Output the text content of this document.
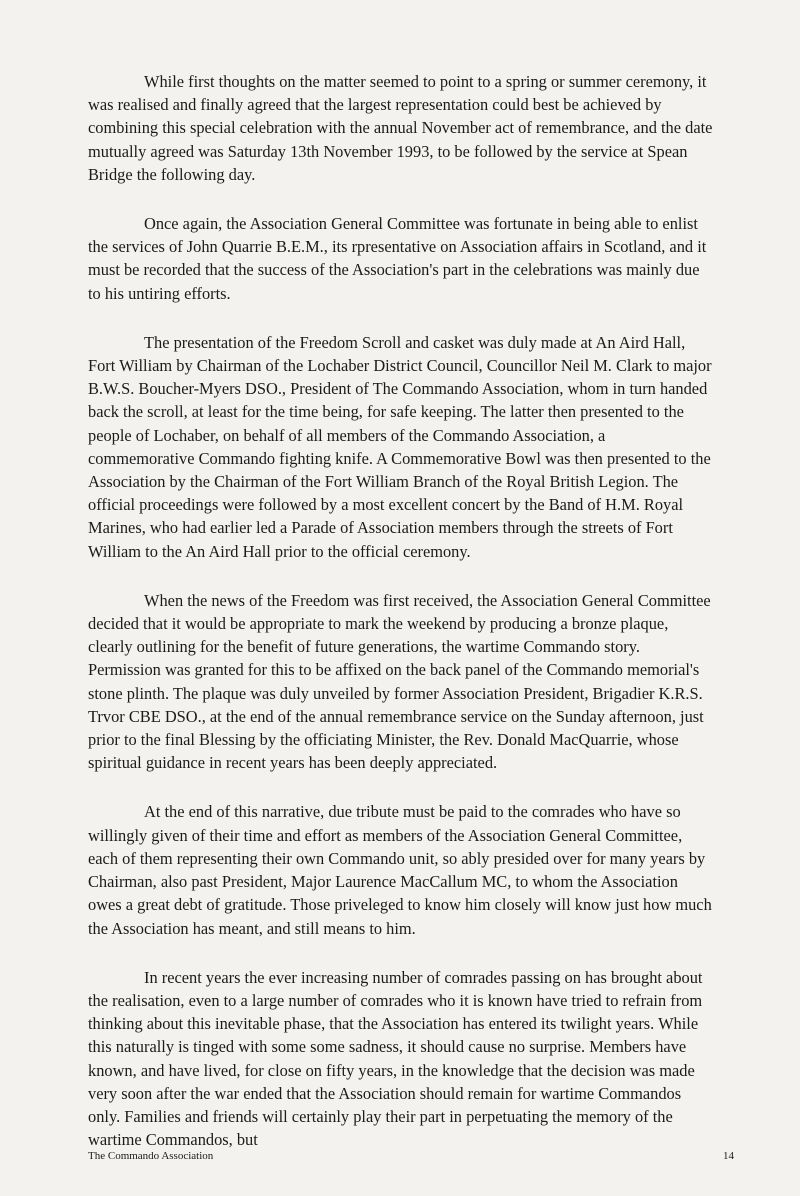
While first thoughts on the matter seemed to point to a spring or summer ceremony, it was realised and finally agreed that the largest representation could best be achieved by combining this special celebration with the annual November act of remembrance, and the date mutually agreed was Saturday 13th November 1993, to be followed by the service at Spean Bridge the following day.

Once again, the Association General Committee was fortunate in being able to enlist the services of John Quarrie B.E.M., its rpresentative on Association affairs in Scotland, and it must be recorded that the success of the Association's part in the celebrations was mainly due to his untiring efforts.

The presentation of the Freedom Scroll and casket was duly made at An Aird Hall, Fort William by Chairman of the Lochaber District Council, Councillor Neil M. Clark to major B.W.S. Boucher-Myers DSO., President of The Commando Association, whom in turn handed back the scroll, at least for the time being, for safe keeping. The latter then presented to the people of Lochaber, on behalf of all members of the Commando Association, a commemorative Commando fighting knife. A Commemorative Bowl was then presented to the Association by the Chairman of the Fort William Branch of the Royal British Legion. The official proceedings were followed by a most excellent concert by the Band of H.M. Royal Marines, who had earlier led a Parade of Association members through the streets of Fort William to the An Aird Hall prior to the official ceremony.

When the news of the Freedom was first received, the Association General Committee decided that it would be appropriate to mark the weekend by producing a bronze plaque, clearly outlining for the benefit of future generations, the wartime Commando story. Permission was granted for this to be affixed on the back panel of the Commando memorial's stone plinth. The plaque was duly unveiled by former Association President, Brigadier K.R.S. Trvor CBE DSO., at the end of the annual remembrance service on the Sunday afternoon, just prior to the final Blessing by the officiating Minister, the Rev. Donald MacQuarrie, whose spiritual guidance in recent years has been deeply appreciated.

At the end of this narrative, due tribute must be paid to the comrades who have so willingly given of their time and effort as members of the Association General Committee, each of them representing their own Commando unit, so ably presided over for many years by Chairman, also past President, Major Laurence MacCallum MC, to whom the Association owes a great debt of gratitude. Those priveleged to know him closely will know just how much the Association has meant, and still means to him.

In recent years the ever increasing number of comrades passing on has brought about the realisation, even to a large number of comrades who it is known have tried to refrain from thinking about this inevitable phase, that the Association has entered its twilight years. While this naturally is tinged with some some sadness, it should cause no surprise. Members have known, and have lived, for close on fifty years, in the knowledge that the decision was made very soon after the war ended that the Association should remain for wartime Commandos only. Families and friends will certainly play their part in perpetuating the memory of the wartime Commandos, but

The Commando Association	14
